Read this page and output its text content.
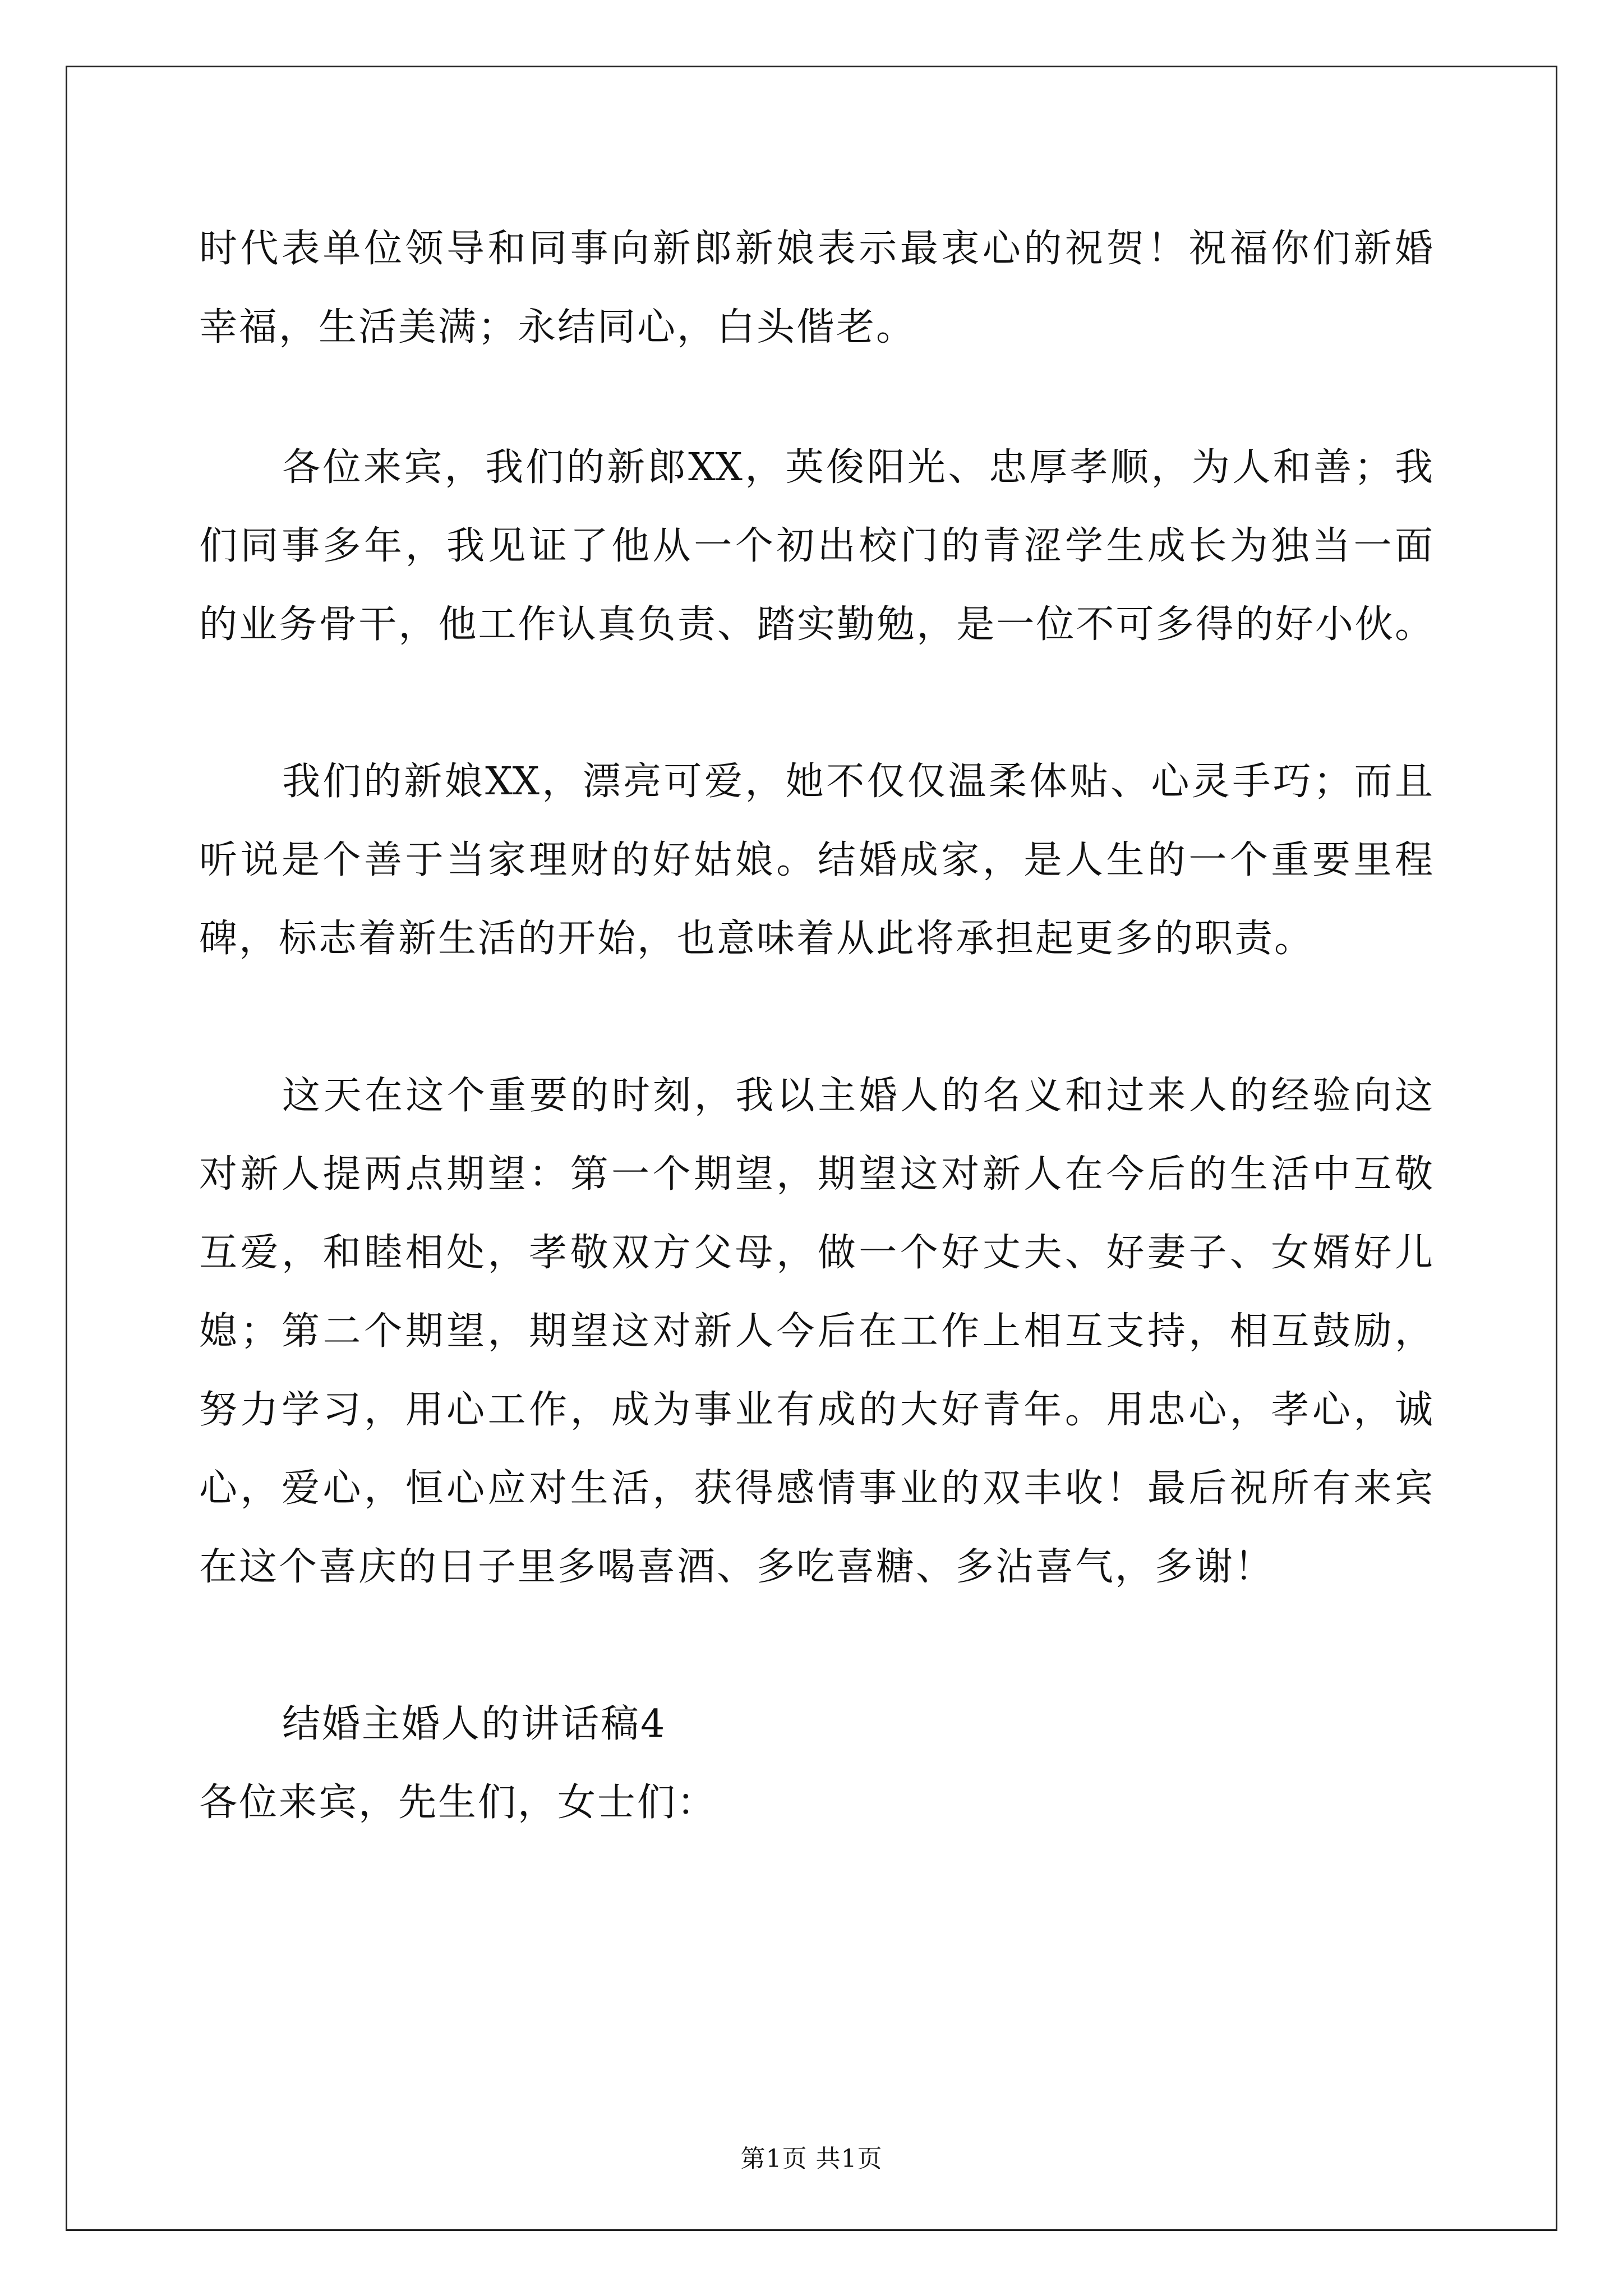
时代表单位领导和同事向新郎新娘表示最衷心的祝贺！祝福你们新婚
幸福，生活美满；永结同心，白头偕老。
各位来宾，我们的新郎XX，英俊阳光、忠厚孝顺，为人和善；我
们同事多年，我见证了他从一个初出校门的青涩学生成长为独当一面
的业务骨干，他工作认真负责、踏实勤勉，是一位不可多得的好小伙。
我们的新娘XX，漂亮可爱，她不仅仅温柔体贴、心灵手巧；而且
听说是个善于当家理财的好姑娘。结婚成家，是人生的一个重要里程
碑，标志着新生活的开始，也意味着从此将承担起更多的职责。
这天在这个重要的时刻，我以主婚人的名义和过来人的经验向这
对新人提两点期望：第一个期望，期望这对新人在今后的生活中互敬
互爱，和睦相处，孝敬双方父母，做一个好丈夫、好妻子、女婿好儿
媳；第二个期望，期望这对新人今后在工作上相互支持，相互鼓励，
努力学习，用心工作，成为事业有成的大好青年。用忠心，孝心，诚
心，爱心，恒心应对生活，获得感情事业的双丰收！最后祝所有来宾
在这个喜庆的日子里多喝喜酒、多吃喜糖、多沾喜气，多谢！
结婚主婚人的讲话稿4
各位来宾，先生们，女士们：
第1页 共1页
